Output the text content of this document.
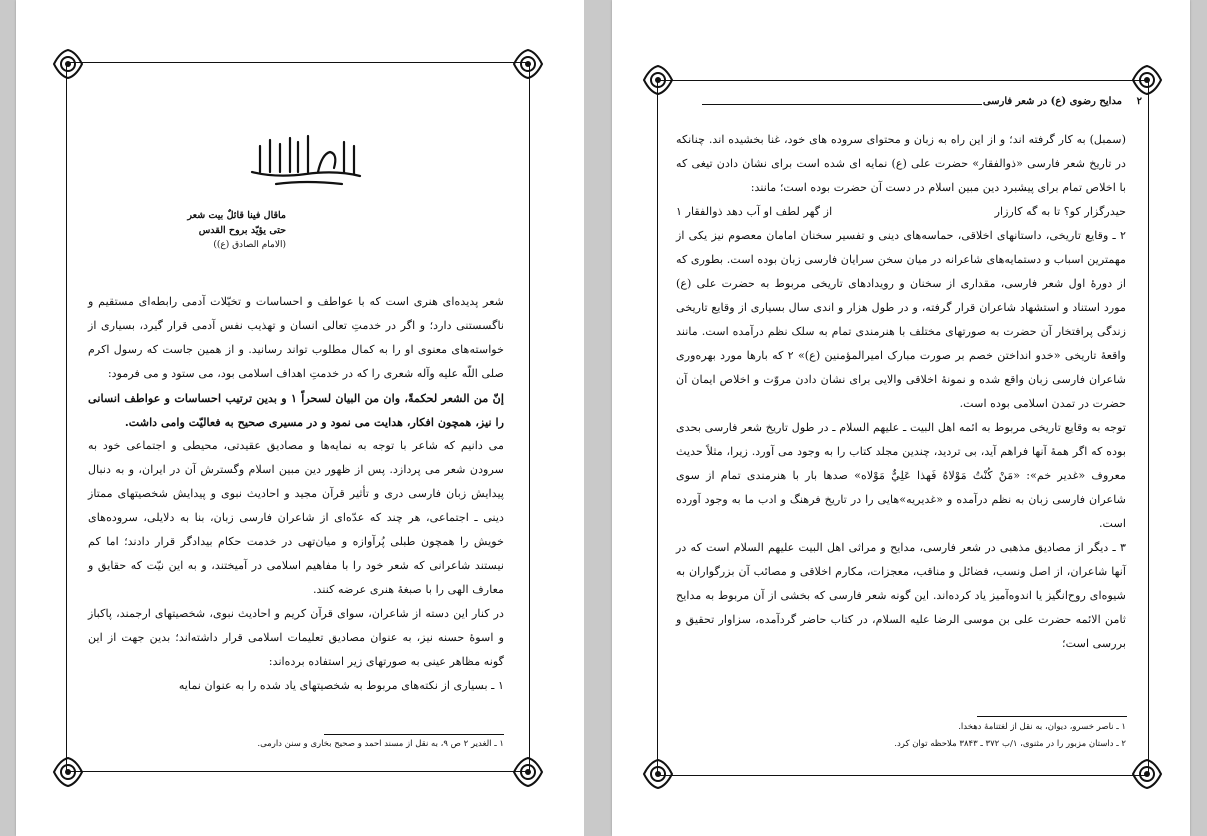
ماقال فينا قائلٌ بيت شعر
حتى يؤيّد بروح القدس
(الامام الصادق (ع))

شعر پدیده‌ای هنری است که با عواطف و احساسات و تخیّلات آدمی رابطه‌ای مستقیم و ناگسستنی دارد؛ و اگر در خدمتِ تعالی انسان و تهذیب نفس آدمی قرار گیرد، بسیاری از خواسته‌های معنوی او را به کمال مطلوب تواند رسانید. و از همین جاست که رسول اکرم صلی اللّه علیه وآله شعری را که در خدمتِ اهداف اسلامی بود، می ستود و می فرمود:

إنّ من الشعر لحكمةً، وان من البيان لسحراً ۱ و بدین ترتیب احساسات و عواطف انسانی را نیز، همچون افکار، هدایت می نمود و در مسیری صحیح به فعالیّت وامی داشت.

می دانیم که شاعر با توجه به نمایه‌ها و مصادیق عقیدتی، محیطی و اجتماعی خود به سرودن شعر می پردازد. پس از ظهور دین مبین اسلام وگسترش آن در ایران، و به دنبال پیدایش زبان فارسی دری و تأثیر قرآن مجید و احادیث نبوی و پیدایش شخصیتهای ممتاز دینی ـ اجتماعی، هر چند که عدّه‌ای از شاعران فارسی زبان، بنا به دلایلی، سروده‌های خویش را همچون طبلی پُرآوازه و میان‌تهی در خدمت حکام بیدادگر قرار دادند؛ اما کم نیستند شاعرانی که شعر خود را با مفاهیم اسلامی در آمیختند، و به این نیّت که حقایق و معارف الهی را با صبغهٔ هنری عرضه کنند.

در کنار این دسته از شاعران، سوای قرآن کریم و احادیث نبوی، شخصیتهای ارجمند، پاکباز و اسوهٔ حسنه نیز، به عنوان مصادیق تعلیمات اسلامی قرار داشته‌اند؛ بدین جهت از این گونه مظاهر عینی به صورتهای زیر استفاده برده‌اند:

۱ ـ بسیاری از نکته‌های مربوط به شخصیتهای یاد شده را به عنوان نمایه

۱ ـ الغدیر ۲ ص ۹، به نقل از مسند احمد و صحیح بخاری و سنن دارمی.
۲
مدایح رضوی (ع) در شعر فارسی

(سمبل) به کار گرفته اند؛ و از این راه به زبان و محتوای سروده های خود، غنا بخشیده اند. چنانکه در تاریخ شعر فارسی «ذوالفقار» حضرت علی (ع) نمایه ای شده است برای نشان دادن تیغی که با اخلاص تمام برای پیشبرد دین مبین اسلام در دست آن حضرت بوده است؛ مانند:

حیدرگزار کو؟ تا به گه کارزار
از گهر لطف او آب دهد ذوالفقار ۱

۲ ـ وقایع تاریخی، داستانهای اخلاقی، حماسه‌های دینی و تفسیر سخنان امامان معصوم نیز یکی از مهمترین اسباب و دستمایه‌های شاعرانه در میان سخن سرایان فارسی زبان بوده است. بطوری که از دورهٔ اول شعر فارسی، مقداری از سخنان و رویدادهای تاریخی مربوط به حضرت علی (ع) مورد استناد و استشهاد شاعران قرار گرفته، و در طول هزار و اندی سال بسیاری از وقایع تاریخی زندگی پرافتخار آن حضرت به صورتهای مختلف با هنرمندی تمام به سلک نظم درآمده است. مانند واقعهٔ تاریخی «خدو انداختن خصم بر صورت مبارک امیرالمؤمنین (ع)» ۲ که بارها مورد بهره‌وری شاعران فارسی زبان واقع شده و نمونهٔ اخلاقی والایی برای نشان دادن مروّت و اخلاص ایمان آن حضرت در تمدن اسلامی بوده است.

توجه به وقایع تاریخی مربوط به ائمه اهل البیت ـ علیهم السلام ـ در طول تاریخ شعر فارسی بحدی بوده که اگر همهٔ آنها فراهم آید، بی تردید، چندین مجلد کتاب را به وجود می آورد. زیرا، مثلاً حدیث معروف «غدیر خم»: «مَنْ كُنْتُ مَوْلاهُ فَهذا عَلِيٌّ مَوْلاه» صدها بار با هنرمندی تمام از سوی شاعران فارسی زبان به نظم درآمده و «غدیریه»هایی را در تاریخ فرهنگ و ادب ما به وجود آورده است.

۳ ـ دیگر از مصادیق مذهبی در شعر فارسی، مدایح و مراثی اهل البیت علیهم السلام است که در آنها شاعران، از اصل ونسب، فضائل و مناقب، معجزات، مکارم اخلاقی و مصائب آن بزرگواران به شیوه‌ای روح‌انگیز یا اندوه‌آمیز یاد کرده‌اند. این گونه شعر فارسی که بخشی از آن مربوط به مدایح ثامن الائمه حضرت علی بن موسی الرضا علیه السلام، در کتاب حاضر گردآمده، سزاوار تحقیق و بررسی است؛

۱ ـ ناصر خسرو، دیوان، به نقل از لغتنامهٔ دهخدا.
۲ ـ داستان مزبور را در مثنوی، ۱/ب ۳۷۲ ـ ۳۸۴۳ ملاحظه توان کرد.
